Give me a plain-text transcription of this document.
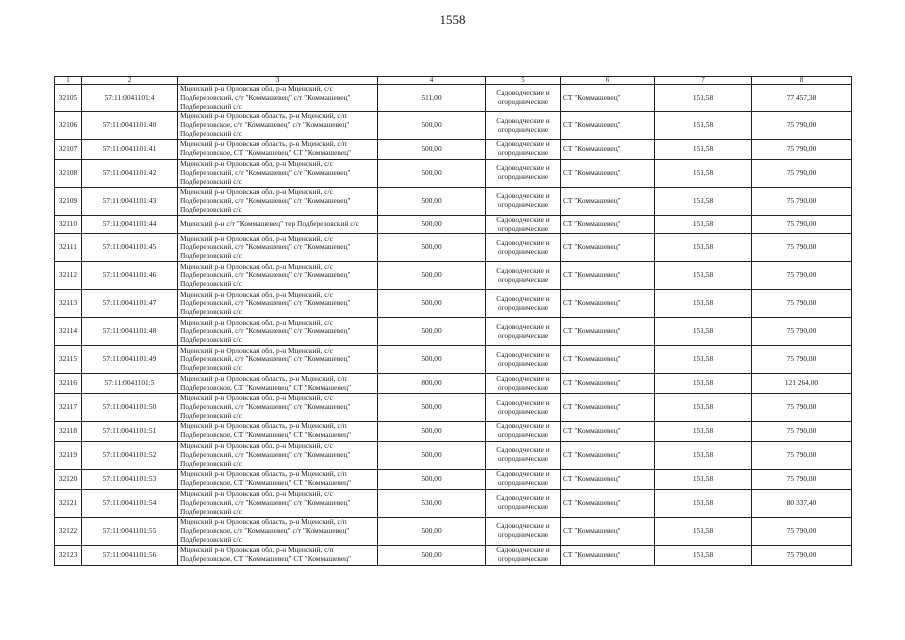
1558
1	2	3	4	5	6	7	8
32105	57:11:0041101:4	Мценский р-н Орловская обл, р-н Мценский, с/с
Подберезовский, с/т "Коммашевец" с/т "Коммашевец"
Подберезовский с/с	511,00	Садоводческие и
огороднические	СТ "Коммашевец"	151,58	77 457,38
32106	57:11:0041101:40	Мценский р-н Орловская область, р-н Мценский, с/п
Подберезовское, с/т "Коммашевец" с/т "Коммашевец"
Подберезовский с/с	500,00	Садоводческие и
огороднические	СТ "Коммашевец"	151,58	75 790,00
32107	57:11:0041101:41	Мценский р-н Орловская область, р-н Мценский, с/п
Подберезовское, СТ "Коммашевец" СТ "Коммашевец"	500,00	Садоводческие и
огороднические	СТ "Коммашевец"	151,58	75 790,00
32108	57:11:0041101:42	Мценский р-н Орловская обл, р-н Мценский, с/с
Подберезовский, с/т "Коммашевец" с/т "Коммашевец"
Подберезовский с/с	500,00	Садоводческие и
огороднические	СТ "Коммашевец"	151,58	75 790,00
32109	57:11:0041101:43	Мценский р-н Орловская обл, р-н Мценский, с/с
Подберезовский, с/т "Коммашевец" с/т "Коммашевец"
Подберезовский с/с	500,00	Садоводческие и
огороднические	СТ "Коммашевец"	151,58	75 790,00
32110	57:11:0041101:44	Мценский р-н с/т "Коммашевец" тер Подберезовский с/с	500,00	Садоводческие и
огороднические	СТ "Коммашевец"	151,58	75 790,00
32111	57:11:0041101:45	Мценский р-н Орловская обл, р-н Мценский, с/с
Подберезовский, с/т "Коммашевец" с/т "Коммашевец"
Подберезовский с/с	500,00	Садоводческие и
огороднические	СТ "Коммашевец"	151,58	75 790,00
32112	57:11:0041101:46	Мценский р-н Орловская обл, р-н Мценский, с/с
Подберезовский, с/т "Коммашевец" с/т "Коммашевец"
Подберезовский с/с	500,00	Садоводческие и
огороднические	СТ "Коммашевец"	151,58	75 790,00
32113	57:11:0041101:47	Мценский р-н Орловская обл, р-н Мценский, с/с
Подберезовский, с/т "Коммашевец" с/т "Коммашевец"
Подберезовский с/с	500,00	Садоводческие и
огороднические	СТ "Коммашевец"	151,58	75 790,00
32114	57:11:0041101:48	Мценский р-н Орловская обл, р-н Мценский, с/с
Подберезовский, с/т "Коммашевец" с/т "Коммашевец"
Подберезовский с/с	500,00	Садоводческие и
огороднические	СТ "Коммашевец"	151,58	75 790,00
32115	57:11:0041101:49	Мценский р-н Орловская обл, р-н Мценский, с/с
Подберезовский, с/т "Коммашевец" с/т "Коммашевец"
Подберезовский с/с	500,00	Садоводческие и
огороднические	СТ "Коммашевец"	151,58	75 790,00
32116	57:11:0041101:5	Мценский р-н Орловская область, р-н Мценский, с/п
Подберезовское, СТ "Коммашевец" СТ "Коммашевец"	800,00	Садоводческие и
огороднические	СТ "Коммашевец"	151,58	121 264,00
32117	57:11:0041101:50	Мценский р-н Орловская обл, р-н Мценский, с/с
Подберезовский, с/т "Коммашевец" с/т "Коммашевец"
Подберезовский с/с	500,00	Садоводческие и
огороднические	СТ "Коммашевец"	151,58	75 790,00
32118	57:11:0041101:51	Мценский р-н Орловская область, р-н Мценский, с/п
Подберезовское, СТ "Коммашевец" СТ "Коммашевец"	500,00	Садоводческие и
огороднические	СТ "Коммашевец"	151,58	75 790,00
32119	57:11:0041101:52	Мценский р-н Орловская обл, р-н Мценский, с/с
Подберезовский, с/т "Коммашевец" с/т "Коммашевец"
Подберезовский с/с	500,00	Садоводческие и
огороднические	СТ "Коммашевец"	151,58	75 790,00
32120	57:11:0041101:53	Мценский р-н Орловская область, р-н Мценский, с/п
Подберезовское, СТ "Коммашевец" СТ "Коммашевец"	500,00	Садоводческие и
огороднические	СТ "Коммашевец"	151,58	75 790,00
32121	57:11:0041101:54	Мценский р-н Орловская обл, р-н Мценский, с/с
Подберезовский, с/т "Коммашевец" с/т "Коммашевец"
Подберезовский с/с	530,00	Садоводческие и
огороднические	СТ "Коммашевец"	151,58	80 337,40
32122	57:11:0041101:55	Мценский р-н Орловская область, р-н Мценский, с/п
Подберезовское, с/т "Коммашевец" с/т "Коммашевец"
Подберезовский с/с	500,00	Садоводческие и
огороднические	СТ "Коммашевец"	151,58	75 790,00
32123	57:11:0041101:56	Мценский р-н Орловская обл, р-н Мценский, с/п
Подберезовское, СТ "Коммашевец" СТ "Коммашевец"	500,00	Садоводческие и
огороднические	СТ "Коммашевец"	151,58	75 790,00
